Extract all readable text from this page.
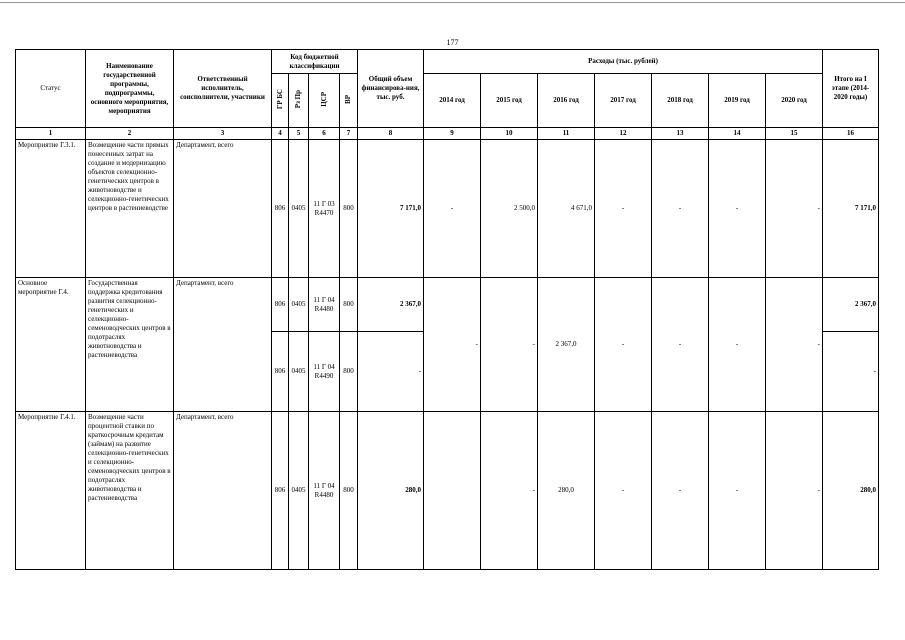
177
Статус	Наименование государственной программы, подпрограммы, основного мероприятия, мероприятия	Ответственный исполнитель, соисполнители, участники	Код бюджетной классификации				Общий объем финансирова-ния, тыс. руб.	Расходы (тыс. рублей)							Итого на I этапе (2014-2020 годы)
			ГР БС	Рз Пр	ЦСР	ВР		2014 год	2015 год	2016 год	2017 год	2018 год	2019 год	2020 год	
1	2	3	4	5	6	7	8	9	10	11	12	13	14	15	16
Мероприятие Г.3.1.	Возмещение части прямых понесенных затрат на создание и модернизацию объектов селекционно-генетических центров в животноводстве и селекционно-генетических центров в растениеводстве	Департамент, всего	806	0405	11 Г 03 R4470	800	7 171,0	-	2 500,0	4 671,0	-	-	-	-	7 171,0
Основное мероприятие Г.4.	Государственная поддержка кредитования развития селекционно-генетических и селекционно-семеноводческих центров в подотраслях животноводства и растениеводства	Департамент, всего	806	0405	11 Г 04 R4480	800	2 367,0	-	-	2 367,0	-	-	-	-	2 367,0
			806	0405	11 Г 04 R4490	800	-								-
Мероприятие Г.4.1.	Возмещение части процентной ставки по краткосрочным кредитам (займам) на развитие селекционно-генетических и селекционно-семеноводческих центров в подотраслях животноводства и растениеводства	Департамент, всего	806	0405	11 Г 04 R4480	800	280,0		-	280,0	-	-	-	-	280,0
